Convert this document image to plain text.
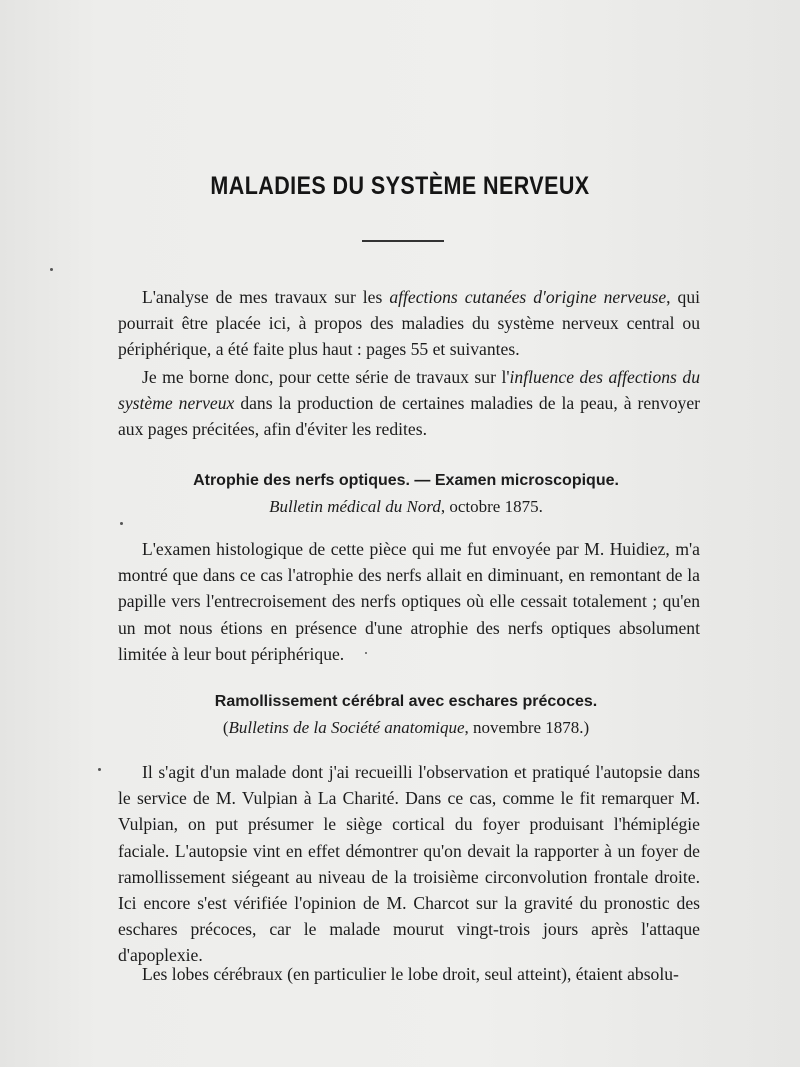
MALADIES DU SYSTÈME NERVEUX

L'analyse de mes travaux sur les affections cutanées d'origine nerveuse, qui pourrait être placée ici, à propos des maladies du système nerveux central ou périphérique, a été faite plus haut : pages 55 et suivantes.

Je me borne donc, pour cette série de travaux sur l'influence des affections du système nerveux dans la production de certaines maladies de la peau, à renvoyer aux pages précitées, afin d'éviter les redites.

Atrophie des nerfs optiques. — Examen microscopique.

Bulletin médical du Nord, octobre 1875.

L'examen histologique de cette pièce qui me fut envoyée par M. Huidiez, m'a montré que dans ce cas l'atrophie des nerfs allait en diminuant, en remontant de la papille vers l'entrecroisement des nerfs optiques où elle cessait totalement ; qu'en un mot nous étions en présence d'une atrophie des nerfs optiques absolument limitée à leur bout périphérique.

Ramollissement cérébral avec eschares précoces.

(Bulletins de la Société anatomique, novembre 1878.)

Il s'agit d'un malade dont j'ai recueilli l'observation et pratiqué l'autopsie dans le service de M. Vulpian à La Charité. Dans ce cas, comme le fit remarquer M. Vulpian, on put présumer le siège cortical du foyer produisant l'hémiplégie faciale. L'autopsie vint en effet démontrer qu'on devait la rapporter à un foyer de ramollissement siégeant au niveau de la troisième circonvolution frontale droite. Ici encore s'est vérifiée l'opinion de M. Charcot sur la gravité du pronostic des eschares précoces, car le malade mourut vingt-trois jours après l'attaque d'apoplexie.

Les lobes cérébraux (en particulier le lobe droit, seul atteint), étaient absolu-
